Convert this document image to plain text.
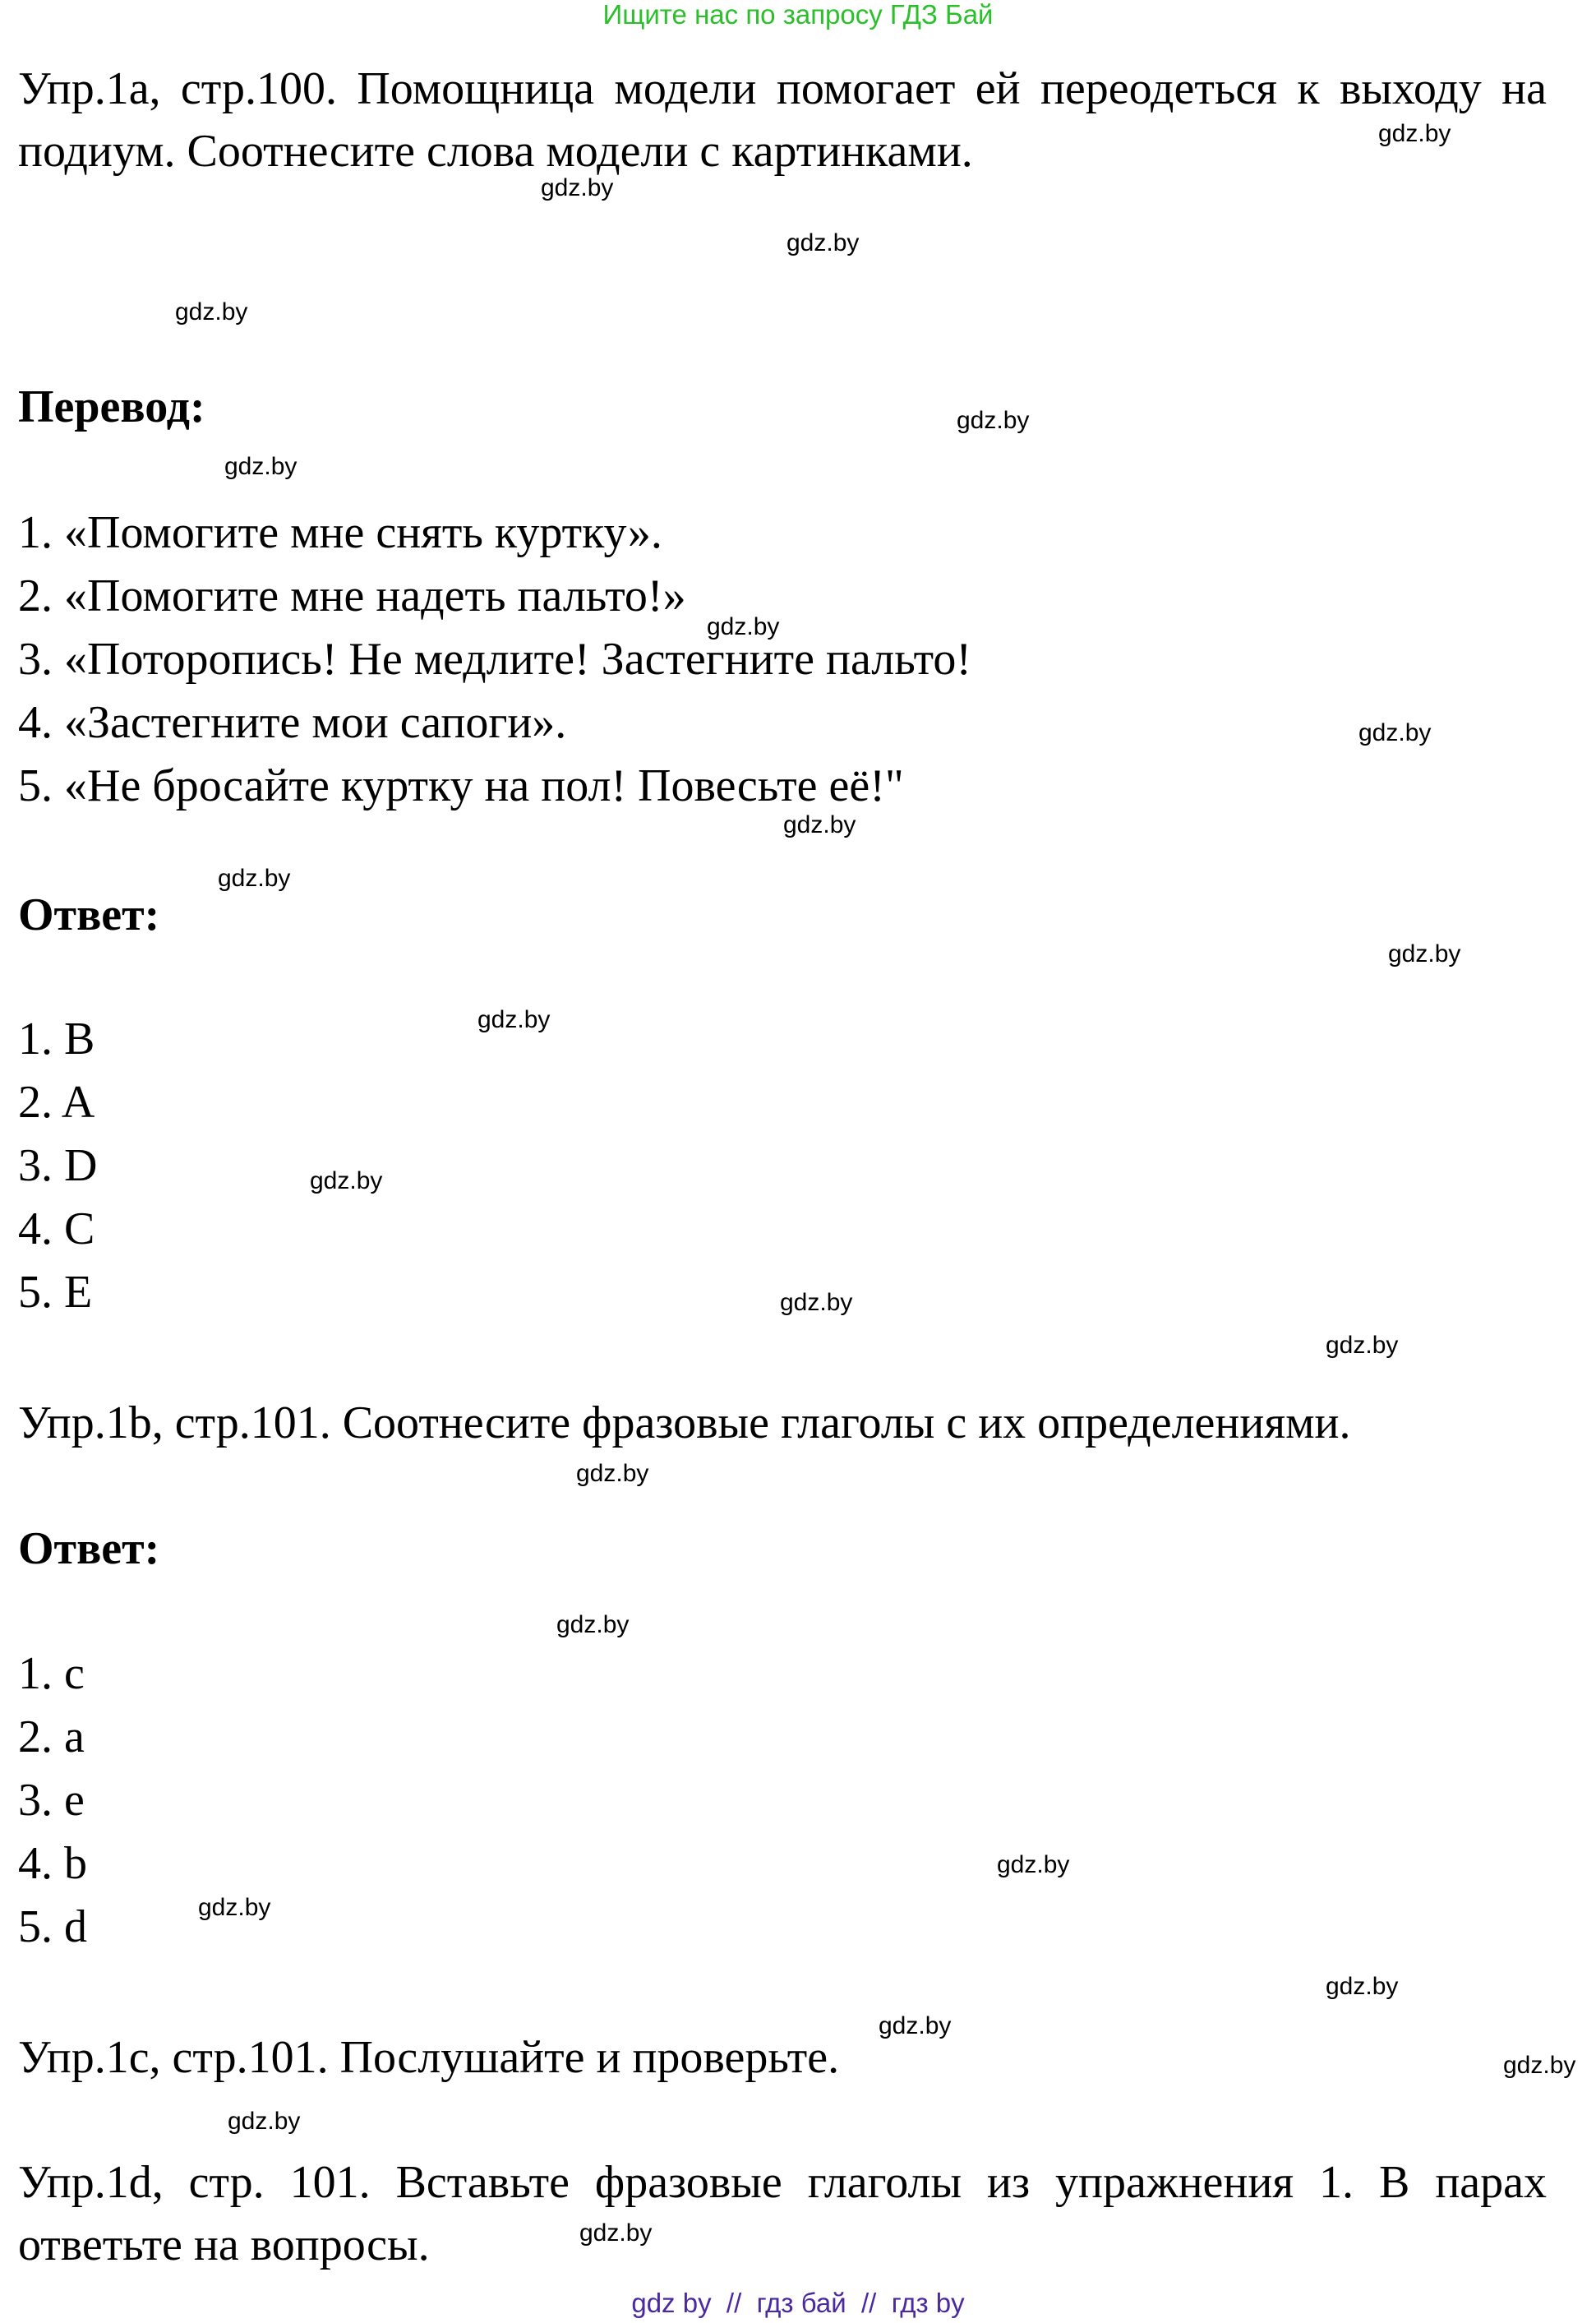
Ищите нас по запросу ГДЗ Бай
Упр.1a, стр.100. Помощница модели помогает ей переодеться к выходу на
подиум. Соотнесите слова модели с картинками.
Перевод:
1. «Помогите мне снять куртку».
2. «Помогите мне надеть пальто!»
3. «Поторопись! Не медлите! Застегните пальто!
4. «Застегните мои сапоги».
5. «Не бросайте куртку на пол! Повесьте её!"
Ответ:
1. B
2. A
3. D
4. C
5. E
Упр.1b, стр.101. Соотнесите фразовые глаголы с их определениями.
Ответ:
1. c
2. a
3. e
4. b
5. d
Упр.1c, стр.101. Послушайте и проверьте.
Упр.1d, стр. 101. Вставьте фразовые глаголы из упражнения 1. В парах
ответьте на вопросы.
gdz.by
gdz.by
gdz.by
gdz.by
gdz.by
gdz.by
gdz.by
gdz.by
gdz.by
gdz.by
gdz.by
gdz.by
gdz.by
gdz.by
gdz.by
gdz.by
gdz.by
gdz.by
gdz.by
gdz.by
gdz.by
gdz.by
gdz.by
gdz.by
gdz by // гдз бай // гдз by
